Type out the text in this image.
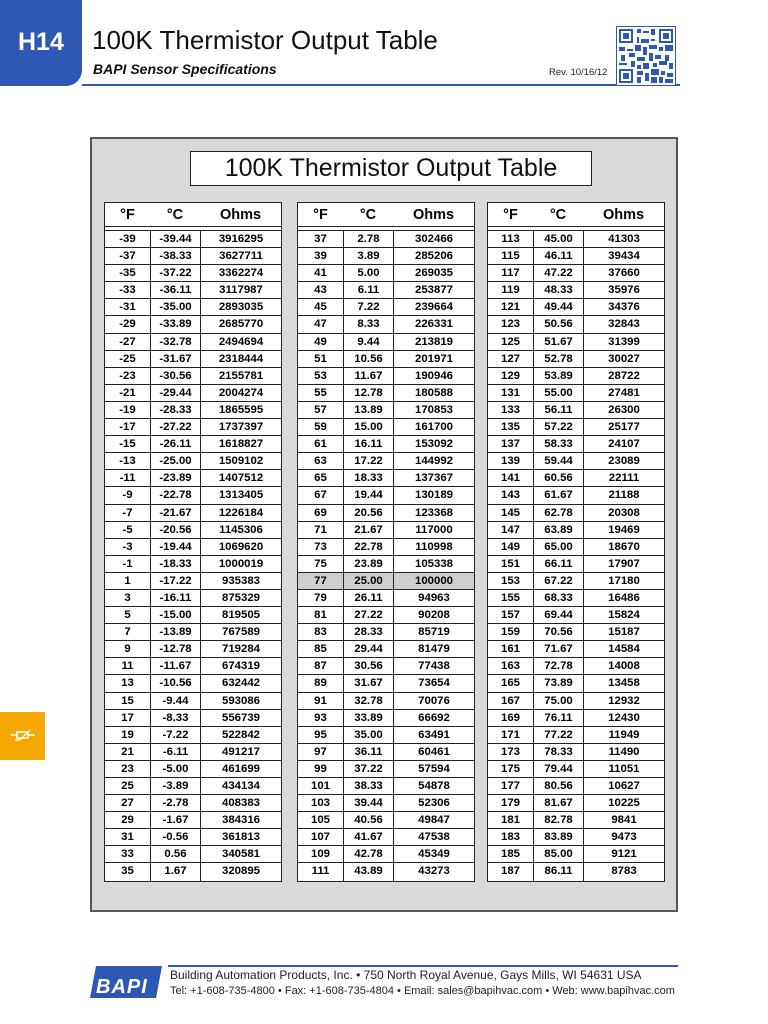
H14 100K Thermistor Output Table
BAPI Sensor Specifications	Rev. 10/16/12
100K Thermistor Output Table
°F	°C	Ohms
-39	-39.44	3916295
-37	-38.33	3627711
-35	-37.22	3362274
-33	-36.11	3117987
-31	-35.00	2893035
-29	-33.89	2685770
-27	-32.78	2494694
-25	-31.67	2318444
-23	-30.56	2155781
-21	-29.44	2004274
-19	-28.33	1865595
-17	-27.22	1737397
-15	-26.11	1618827
-13	-25.00	1509102
-11	-23.89	1407512
-9	-22.78	1313405
-7	-21.67	1226184
-5	-20.56	1145306
-3	-19.44	1069620
-1	-18.33	1000019
1	-17.22	935383
3	-16.11	875329
5	-15.00	819505
7	-13.89	767589
9	-12.78	719284
11	-11.67	674319
13	-10.56	632442
15	-9.44	593086
17	-8.33	556739
19	-7.22	522842
21	-6.11	491217
23	-5.00	461699
25	-3.89	434134
27	-2.78	408383
29	-1.67	384316
31	-0.56	361813
33	0.56	340581
35	1.67	320895
°F	°C	Ohms
37	2.78	302466
39	3.89	285206
41	5.00	269035
43	6.11	253877
45	7.22	239664
47	8.33	226331
49	9.44	213819
51	10.56	201971
53	11.67	190946
55	12.78	180588
57	13.89	170853
59	15.00	161700
61	16.11	153092
63	17.22	144992
65	18.33	137367
67	19.44	130189
69	20.56	123368
71	21.67	117000
73	22.78	110998
75	23.89	105338
77	25.00	100000
79	26.11	94963
81	27.22	90208
83	28.33	85719
85	29.44	81479
87	30.56	77438
89	31.67	73654
91	32.78	70076
93	33.89	66692
95	35.00	63491
97	36.11	60461
99	37.22	57594
101	38.33	54878
103	39.44	52306
105	40.56	49847
107	41.67	47538
109	42.78	45349
111	43.89	43273
°F	°C	Ohms
113	45.00	41303
115	46.11	39434
117	47.22	37660
119	48.33	35976
121	49.44	34376
123	50.56	32843
125	51.67	31399
127	52.78	30027
129	53.89	28722
131	55.00	27481
133	56.11	26300
135	57.22	25177
137	58.33	24107
139	59.44	23089
141	60.56	22111
143	61.67	21188
145	62.78	20308
147	63.89	19469
149	65.00	18670
151	66.11	17907
153	67.22	17180
155	68.33	16486
157	69.44	15824
159	70.56	15187
161	71.67	14584
163	72.78	14008
165	73.89	13458
167	75.00	12932
169	76.11	12430
171	77.22	11949
173	78.33	11490
175	79.44	11051
177	80.56	10627
179	81.67	10225
181	82.78	9841
183	83.89	9473
185	85.00	9121
187	86.11	8783
BAPI
Building Automation Products, Inc. • 750 North Royal Avenue, Gays Mills, WI 54631 USA
Tel: +1-608-735-4800 • Fax: +1-608-735-4804 • Email: sales@bapihvac.com • Web: www.bapihvac.com
